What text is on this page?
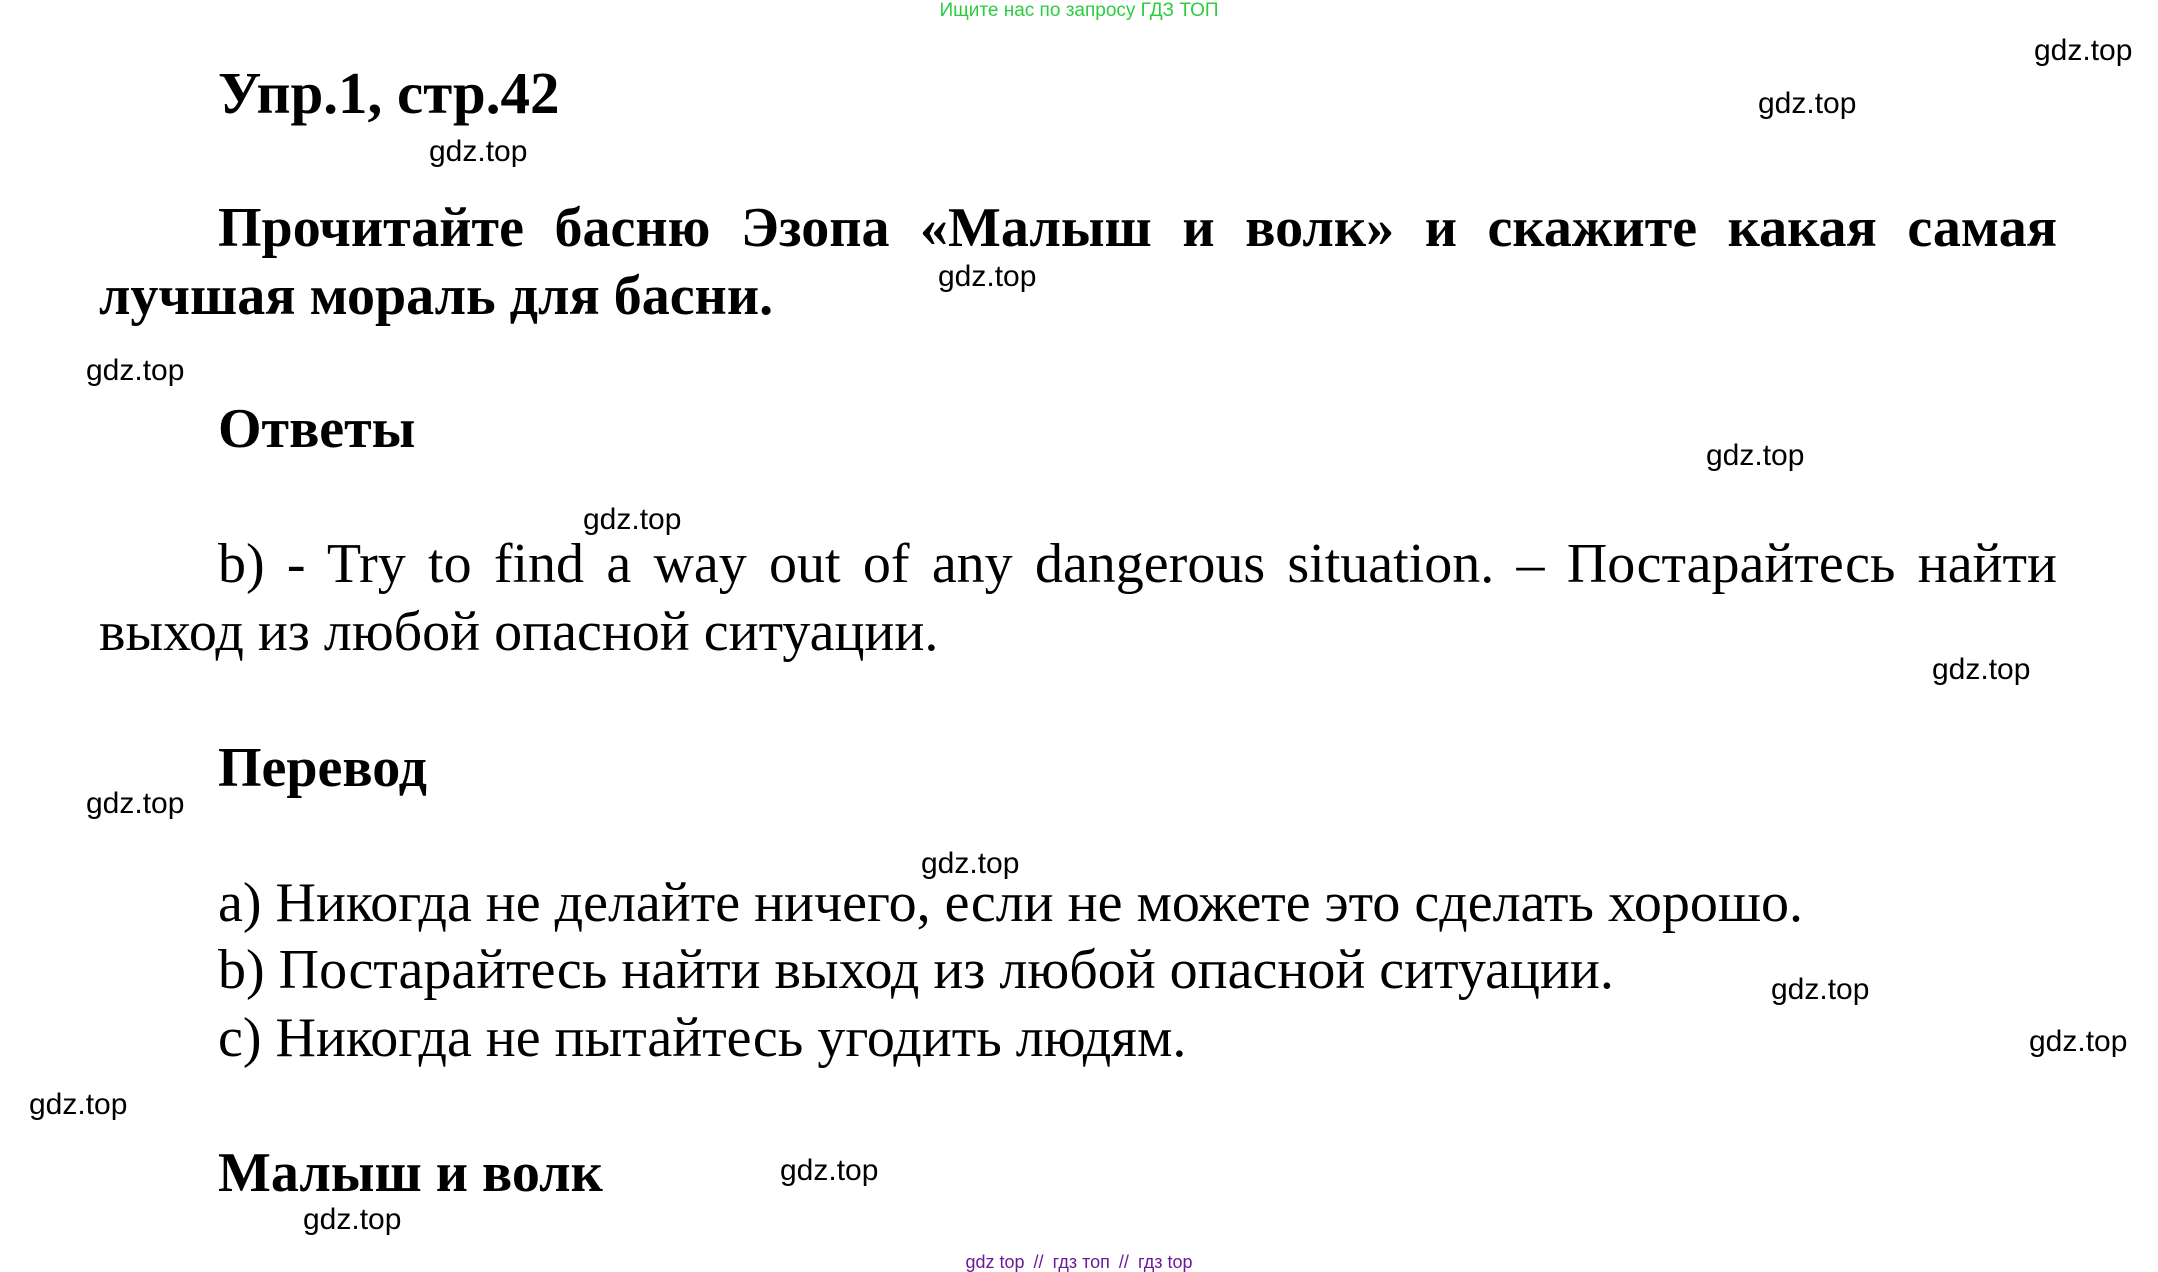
Ищите нас по запросу ГДЗ ТОП
Упр.1, стр.42
Прочитайте басню Эзопа «Малыш и волк» и скажите какая самая
лучшая мораль для басни.
Ответы
b) - Try to find a way out of any dangerous situation. – Постарайтесь найти
выход из любой опасной ситуации.
Перевод
a) Никогда не делайте ничего, если не можете это сделать хорошо.
b) Постарайтесь найти выход из любой опасной ситуации.
c) Никогда не пытайтесь угодить людям.
Малыш и волк
gdz.top
gdz.top
gdz.top
gdz.top
gdz.top
gdz.top
gdz.top
gdz.top
gdz.top
gdz.top
gdz.top
gdz.top
gdz.top
gdz.top
gdz.top
gdz top // гдз топ // гдз top
